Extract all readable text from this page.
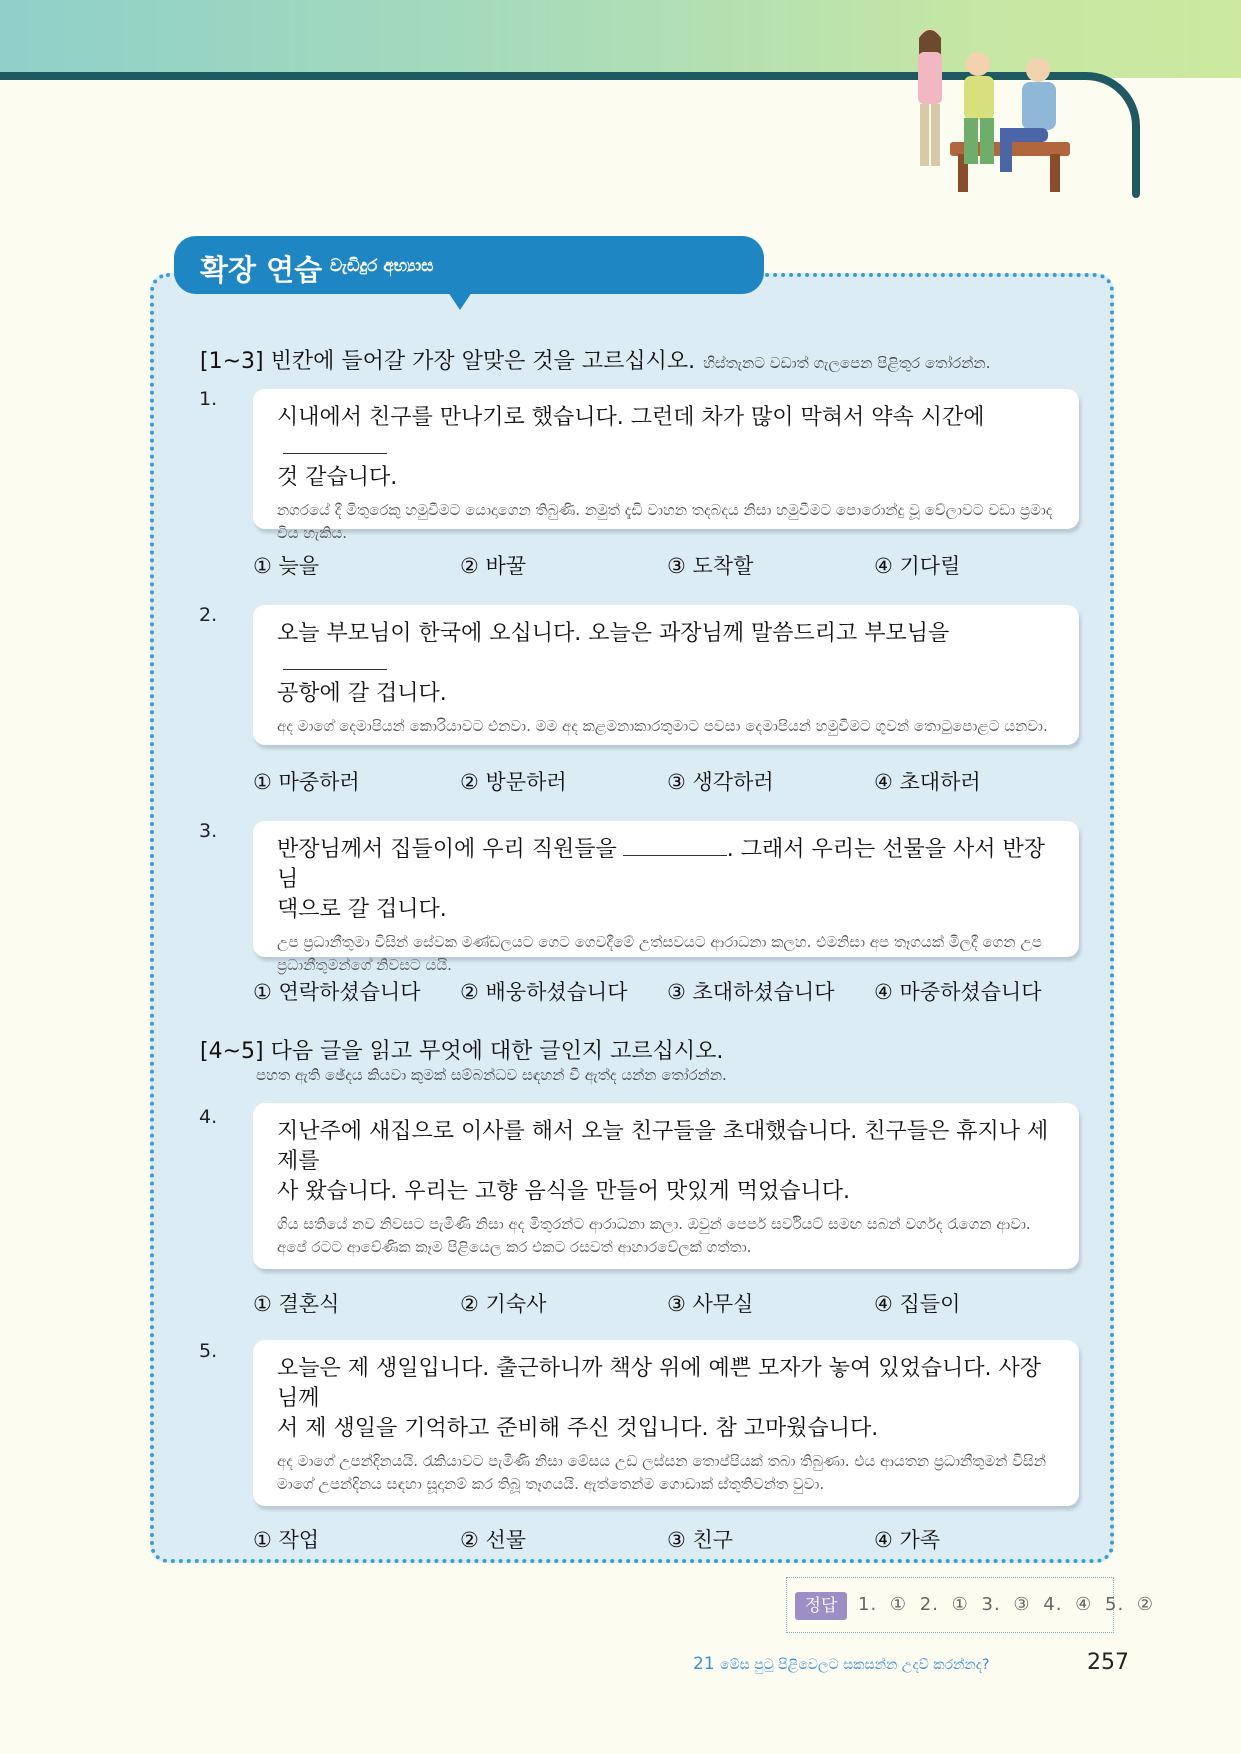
확장 연습 වැඩිදුර අභ්‍යාස
[1~3] 빈칸에 들어갈 가장 알맞은 것을 고르십시오. හිස්තැනට වඩාත් ගැලපෙන පිළිතුර තෝරන්න.
1.
시내에서 친구를 만나기로 했습니다. 그런데 차가 많이 막혀서 약속 시간에
것 같습니다.
නගරයේ දී මිතුරෙකු හමුවීමට යොදාගෙන තිබුණි. නමුත් දැඩි වාහන තදබදය නිසා හමුවීමට පොරොන්දු වූ වේලාවට වඩා ප්‍රමාද විය හැකිය.
① 늦을	② 바꿀	③ 도착할	④ 기다릴
2.
오늘 부모님이 한국에 오십니다. 오늘은 과장님께 말씀드리고 부모님을
공항에 갈 겁니다.
අද මාගේ දෙමාපියන් කොරියාවට එනවා. මම අද කළමනාකාරතුමාට පවසා දෙමාපියන් හමුවීමට ගුවන් තොටුපොළට යනවා.
① 마중하러	② 방문하러	③ 생각하러	④ 초대하러
3.
반장님께서 집들이에 우리 직원들을	. 그래서 우리는 선물을 사서 반장님
댁으로 갈 겁니다.
උප ප්‍රධානීතුමා විසින් සේවක මණ්ඩලයට ගෙට ගෙවදීමේ උත්සවයට ආරාධනා කලහ. එමනිසා අප තෑගයක් මිලදී ගෙන උප ප්‍රධානීතුමන්ගේ නිවසට යයි.
① 연락하셨습니다 ② 배웅하셨습니다 ③ 초대하셨습니다 ④ 마중하셨습니다
[4~5] 다음 글을 읽고 무엇에 대한 글인지 고르십시오.
පහත ඇති ඡේදය කියවා කුමක් සම්බන්ධව සඳහන් වී ඇත්ද යන්න තෝරන්න.
4.
지난주에 새집으로 이사를 해서 오늘 친구들을 초대했습니다. 친구들은 휴지나 세제를
사 왔습니다. 우리는 고향 음식을 만들어 맛있게 먹었습니다.
ගිය සතියේ නව නිවසට පැමිණි නිසා අද මිතුරන්ට ආරාධනා කලා. ඔවුන් පෙපර් සර්වියට් සමඟ සබන් වර්ගද රැගෙන ආවා. අපේ රටට ආවේණික කෑම පිළියෙල කර එකට රසවත් ආහාරවේලක් ගත්තා.
① 결혼식	② 기숙사	③ 사무실	④ 집들이
5.
오늘은 제 생일입니다. 출근하니까 책상 위에 예쁜 모자가 놓여 있었습니다. 사장님께
서 제 생일을 기억하고 준비해 주신 것입니다. 참 고마웠습니다.
අද මාගේ උපන්දිනයයි. රැකියාවට පැමිණි නිසා මේසය උඩ ලස්සන තොප්පියක් තබා තිබුණා. එය ආයතන ප්‍රධානීතුමන් විසින් මාගේ උපන්දිනය සඳහා සූදානම් කර තිබූ තෑගයයි. ඇත්තෙන්ම ගොඩාක් ස්තුතිවන්ත වුවා.
① 작업	② 선물	③ 친구	④ 가족
정답	1. ① 2. ① 3. ③ 4. ④ 5. ②
21 මේස පුටු පිළිවෙලට සකසන්න උදව් කරන්නද?	257
